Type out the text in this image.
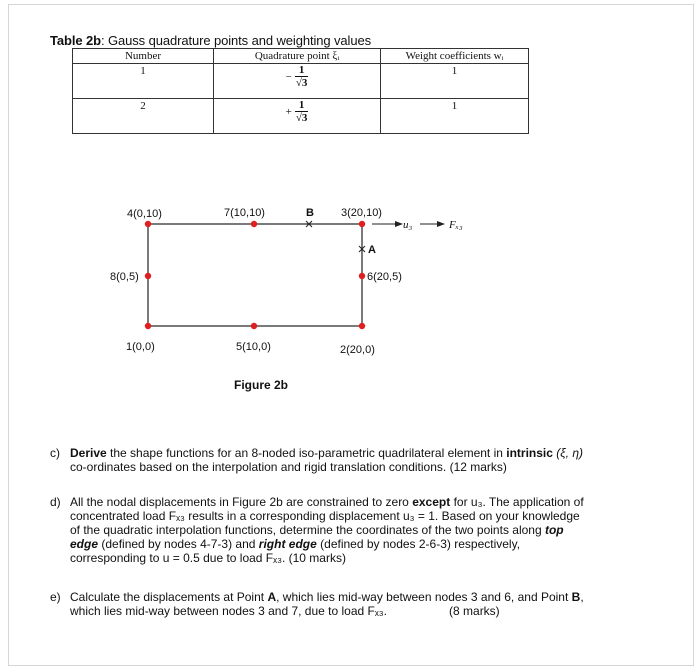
Table 2b: Gauss quadrature points and weighting values
Number	Quadrature point ξᵢ	Weight coefficients wᵢ

1	− $\frac{1}{√3}$	1

2	+ $\frac{1}{√3}$	1
4(0,10)	7(10,10)	B 3(20,10)
u₃	Fₓ₃
A
8(0,5)	6(20,5)
1(0,0)	5(10,0)	2(20,0)
Figure 2b
c) Derive the shape functions for an 8-noded iso-parametric quadrilateral element in intrinsic (ξ, η)
co-ordinates based on the interpolation and rigid translation conditions. (12 marks)
d) All the nodal displacements in Figure 2b are constrained to zero except for u₃. The application of
concentrated load Fₓ₃ results in a corresponding displacement u₃ = 1. Based on your knowledge
of the quadratic interpolation functions, determine the coordinates of the two points along top
edge (defined by nodes 4-7-3) and right edge (defined by nodes 2-6-3) respectively,
corresponding to u = 0.5 due to load Fₓ₃. (10 marks)
e) Calculate the displacements at Point A, which lies mid-way between nodes 3 and 6, and Point B,
which lies mid-way between nodes 3 and 7, due to load Fₓ₃.	(8 marks)
